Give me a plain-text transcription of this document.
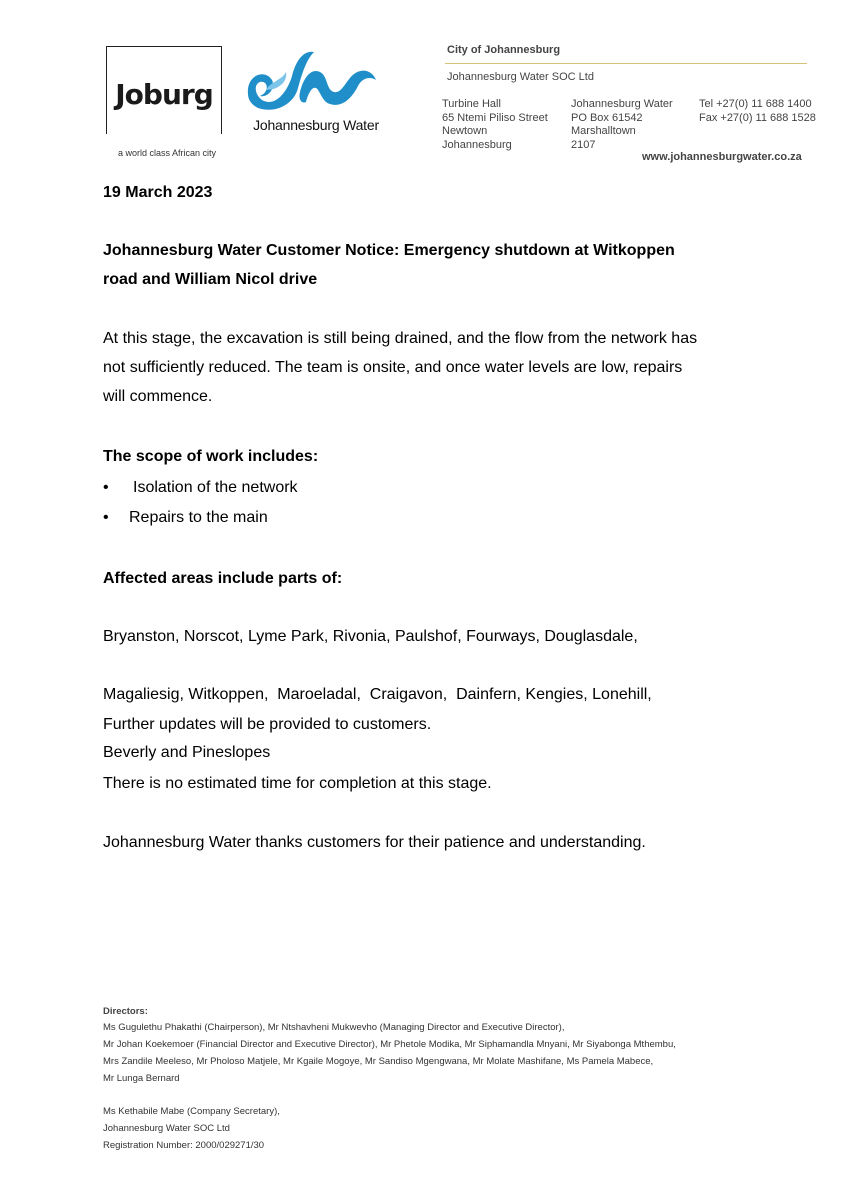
Joburg
a world class African city
Johannesburg Water
City of Johannesburg
Johannesburg Water SOC Ltd
Turbine Hall
65 Ntemi Piliso Street
Newtown
Johannesburg
Johannesburg Water
PO Box 61542
Marshalltown
2107
Tel +27(0) 11 688 1400
Fax +27(0) 11 688 1528
www.johannesburgwater.co.za
19 March 2023
Johannesburg Water Customer Notice: Emergency shutdown at Witkoppen
road and William Nicol drive
At this stage, the excavation is still being drained, and the flow from the network has
not sufficiently reduced. The team is onsite, and once water levels are low, repairs
will commence.
The scope of work includes:
• Isolation of the network
• Repairs to the main
Affected areas include parts of:

Bryanston, Norscot, Lyme Park, Rivonia, Paulshof, Fourways, Douglasdale,

Magaliesig, Witkoppen,  Maroeladal,  Craigavon,  Dainfern, Kengies, Lonehill,

Beverly and Pineslopes

Further updates will be provided to customers.
There is no estimated time for completion at this stage.
Johannesburg Water thanks customers for their patience and understanding.
Directors:
Ms Gugulethu Phakathi (Chairperson), Mr Ntshavheni Mukwevho (Managing Director and Executive Director),
Mr Johan Koekemoer (Financial Director and Executive Director), Mr Phetole Modika, Mr Siphamandla Mnyani, Mr Siyabonga Mthembu,
Mrs Zandile Meeleso, Mr Pholoso Matjele, Mr Kgaile Mogoye, Mr Sandiso Mgengwana, Mr Molate Mashifane, Ms Pamela Mabece,
Mr Lunga Bernard
Ms Kethabile Mabe (Company Secretary),
Johannesburg Water SOC Ltd
Registration Number: 2000/029271/30
